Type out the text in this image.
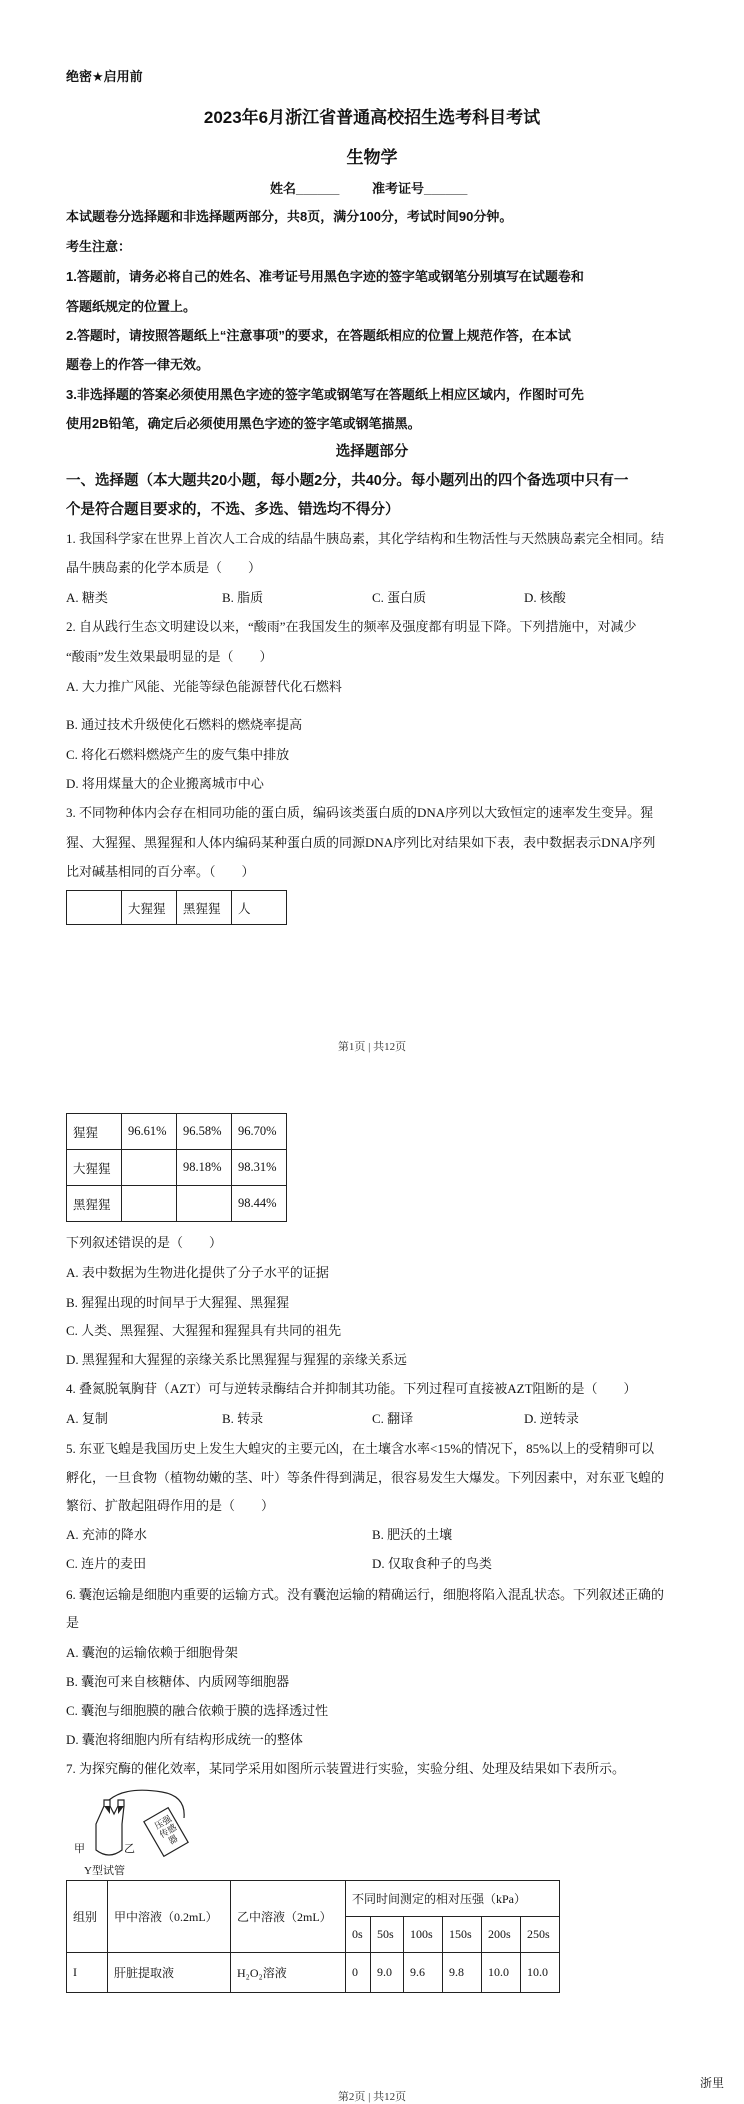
绝密★启用前
2023年6月浙江省普通高校招生选考科目考试
生物学
姓名______	准考证号______
本试题卷分选择题和非选择题两部分，共8页，满分100分，考试时间90分钟。
考生注意：
1.答题前，请务必将自己的姓名、准考证号用黑色字迹的签字笔或钢笔分别填写在试题卷和
答题纸规定的位置上。
2.答题时，请按照答题纸上“注意事项”的要求，在答题纸相应的位置上规范作答，在本试
题卷上的作答一律无效。
3.非选择题的答案必须使用黑色字迹的签字笔或钢笔写在答题纸上相应区域内，作图时可先
使用2B铅笔，确定后必须使用黑色字迹的签字笔或钢笔描黑。
选择题部分
一、选择题（本大题共20小题，每小题2分，共40分。每小题列出的四个备选项中只有一
个是符合题目要求的，不选、多选、错选均不得分）
1. 我国科学家在世界上首次人工合成的结晶牛胰岛素，其化学结构和生物活性与天然胰岛素完全相同。结
晶牛胰岛素的化学本质是（　　）
A. 糖类	B. 脂质	C. 蛋白质	D. 核酸
2. 自从践行生态文明建设以来，“酸雨”在我国发生的频率及强度都有明显下降。下列措施中，对减少
“酸雨”发生效果最明显的是（　　）
A. 大力推广风能、光能等绿色能源替代化石燃料
B. 通过技术升级使化石燃料的燃烧率提高
C. 将化石燃料燃烧产生的废气集中排放
D. 将用煤量大的企业搬离城市中心
3. 不同物种体内会存在相同功能的蛋白质，编码该类蛋白质的DNA序列以大致恒定的速率发生变异。猩
猩、大猩猩、黑猩猩和人体内编码某种蛋白质的同源DNA序列比对结果如下表，表中数据表示DNA序列
比对碱基相同的百分率。（　　）
	大猩猩	黑猩猩	人
第1页 | 共12页
猩猩	96.61%	96.58%	96.70%
大猩猩		98.18%	98.31%
黑猩猩			98.44%
下列叙述错误的是（　　）
A. 表中数据为生物进化提供了分子水平的证据
B. 猩猩出现的时间早于大猩猩、黑猩猩
C. 人类、黑猩猩、大猩猩和猩猩具有共同的祖先
D. 黑猩猩和大猩猩的亲缘关系比黑猩猩与猩猩的亲缘关系远
4. 叠氮脱氧胸苷（AZT）可与逆转录酶结合并抑制其功能。下列过程可直接被AZT阻断的是（　　）
A. 复制	B. 转录	C. 翻译	D. 逆转录
5. 东亚飞蝗是我国历史上发生大蝗灾的主要元凶，在土壤含水率<15%的情况下，85%以上的受精卵可以
孵化，一旦食物（植物幼嫩的茎、叶）等条件得到满足，很容易发生大爆发。下列因素中，对东亚飞蝗的
繁衍、扩散起阻碍作用的是（　　）
A. 充沛的降水	B. 肥沃的土壤
C. 连片的麦田	D. 仅取食种子的鸟类
6. 囊泡运输是细胞内重要的运输方式。没有囊泡运输的精确运行，细胞将陷入混乱状态。下列叙述正确的
是
A. 囊泡的运输依赖于细胞骨架
B. 囊泡可来自核糖体、内质网等细胞器
C. 囊泡与细胞膜的融合依赖于膜的选择透过性
D. 囊泡将细胞内所有结构形成统一的整体
7. 为探究酶的催化效率，某同学采用如图所示装置进行实验，实验分组、处理及结果如下表所示。
压强传感器
甲	乙
Y型试管
组别	甲中溶液（0.2mL）	乙中溶液（2mL）	不同时间测定的相对压强（kPa）					
			0s	50s	100s	150s	200s	250s
I	肝脏提取液	H₂O₂溶液	0	9.0	9.6	9.8	10.0	10.0
浙里
第2页 | 共12页
